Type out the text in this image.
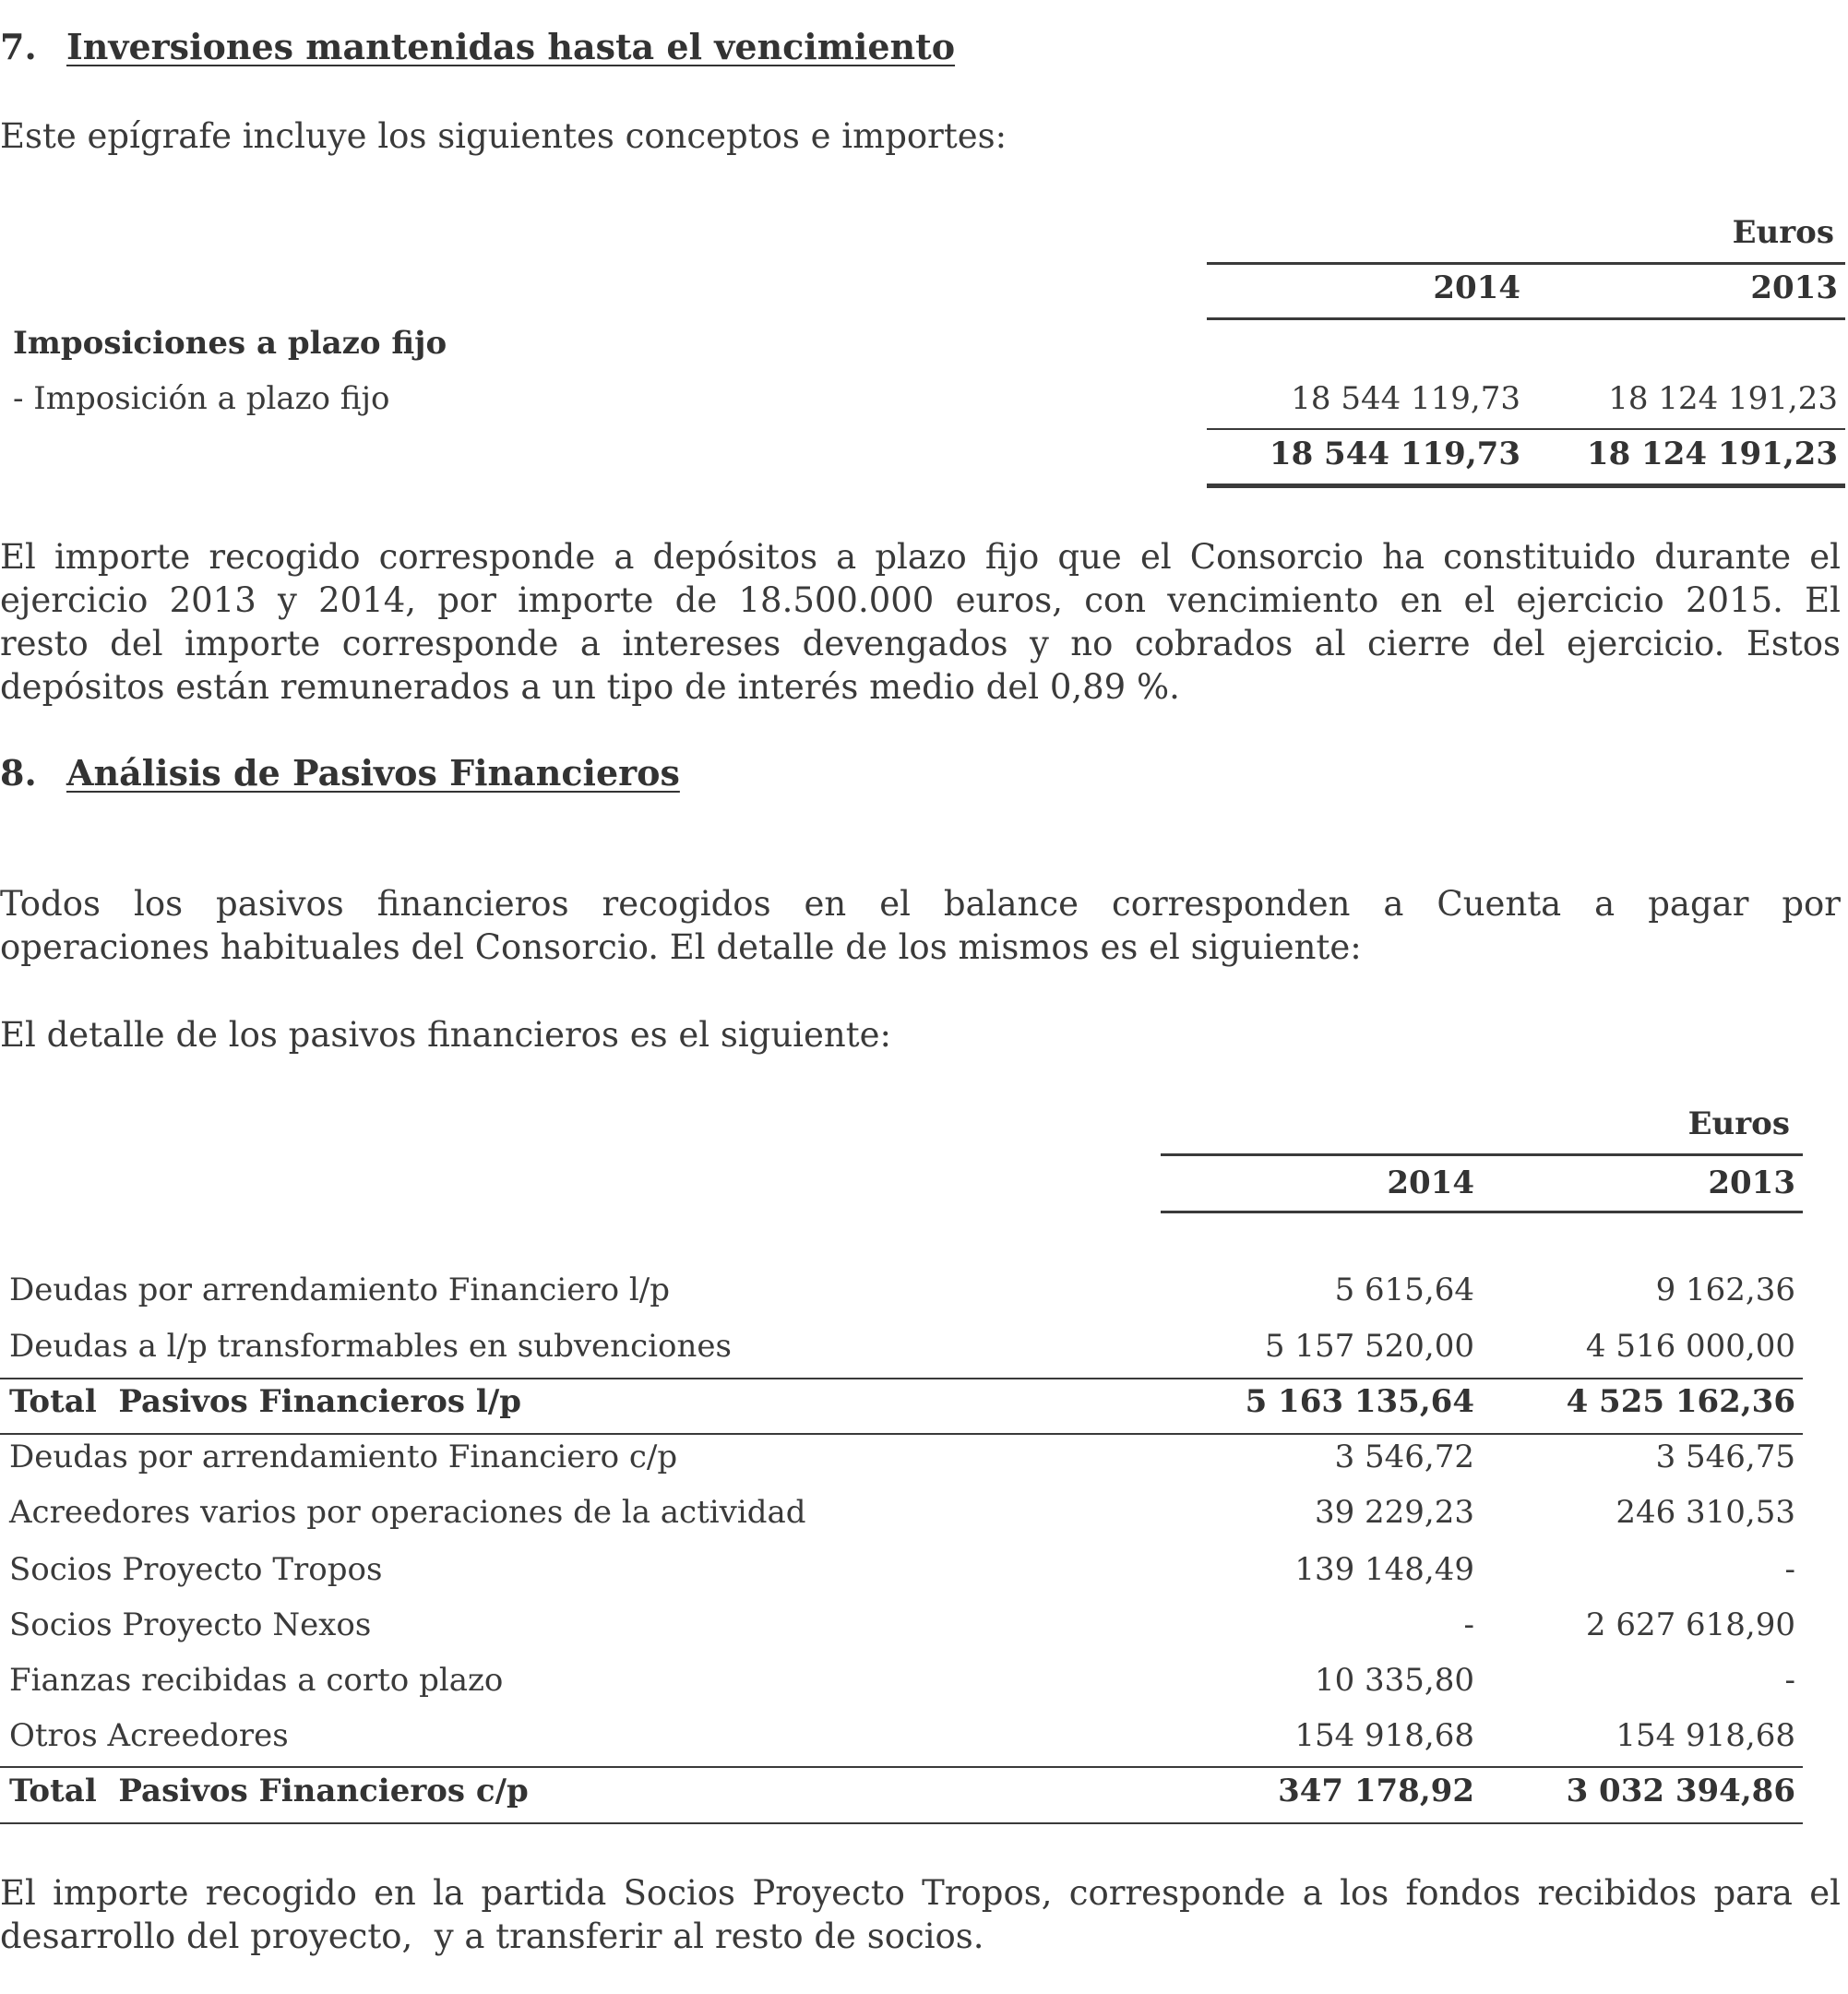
7. Inversiones mantenidas hasta el vencimiento
Este epígrafe incluye los siguientes conceptos e importes:
Euros
2014	2013
Imposiciones a plazo fijo
- Imposición a plazo fijo	18 544 119,73	18 124 191,23
18 544 119,73	18 124 191,23
El importe recogido corresponde a depósitos a plazo fijo que el Consorcio ha constituido durante el
ejercicio 2013 y 2014, por importe de 18.500.000 euros, con vencimiento en el ejercicio 2015. El
resto del importe corresponde a intereses devengados y no cobrados al cierre del ejercicio. Estos
depósitos están remunerados a un tipo de interés medio del 0,89 %.
8. Análisis de Pasivos Financieros
Todos los pasivos financieros recogidos en el balance corresponden a Cuenta a pagar por
operaciones habituales del Consorcio. El detalle de los mismos es el siguiente:
El detalle de los pasivos financieros es el siguiente:
Euros
2014	2013
Deudas por arrendamiento Financiero l/p	5 615,64	9 162,36
Deudas a l/p transformables en subvenciones	5 157 520,00	4 516 000,00
Total  Pasivos Financieros l/p	5 163 135,64	4 525 162,36
Deudas por arrendamiento Financiero c/p	3 546,72	3 546,75
Acreedores varios por operaciones de la actividad	39 229,23	246 310,53
Socios Proyecto Tropos	139 148,49	-
Socios Proyecto Nexos	-	2 627 618,90
Fianzas recibidas a corto plazo	10 335,80	-
Otros Acreedores	154 918,68	154 918,68
Total  Pasivos Financieros c/p	347 178,92	3 032 394,86
El importe recogido en la partida Socios Proyecto Tropos, corresponde a los fondos recibidos para el
desarrollo del proyecto,  y a transferir al resto de socios.
